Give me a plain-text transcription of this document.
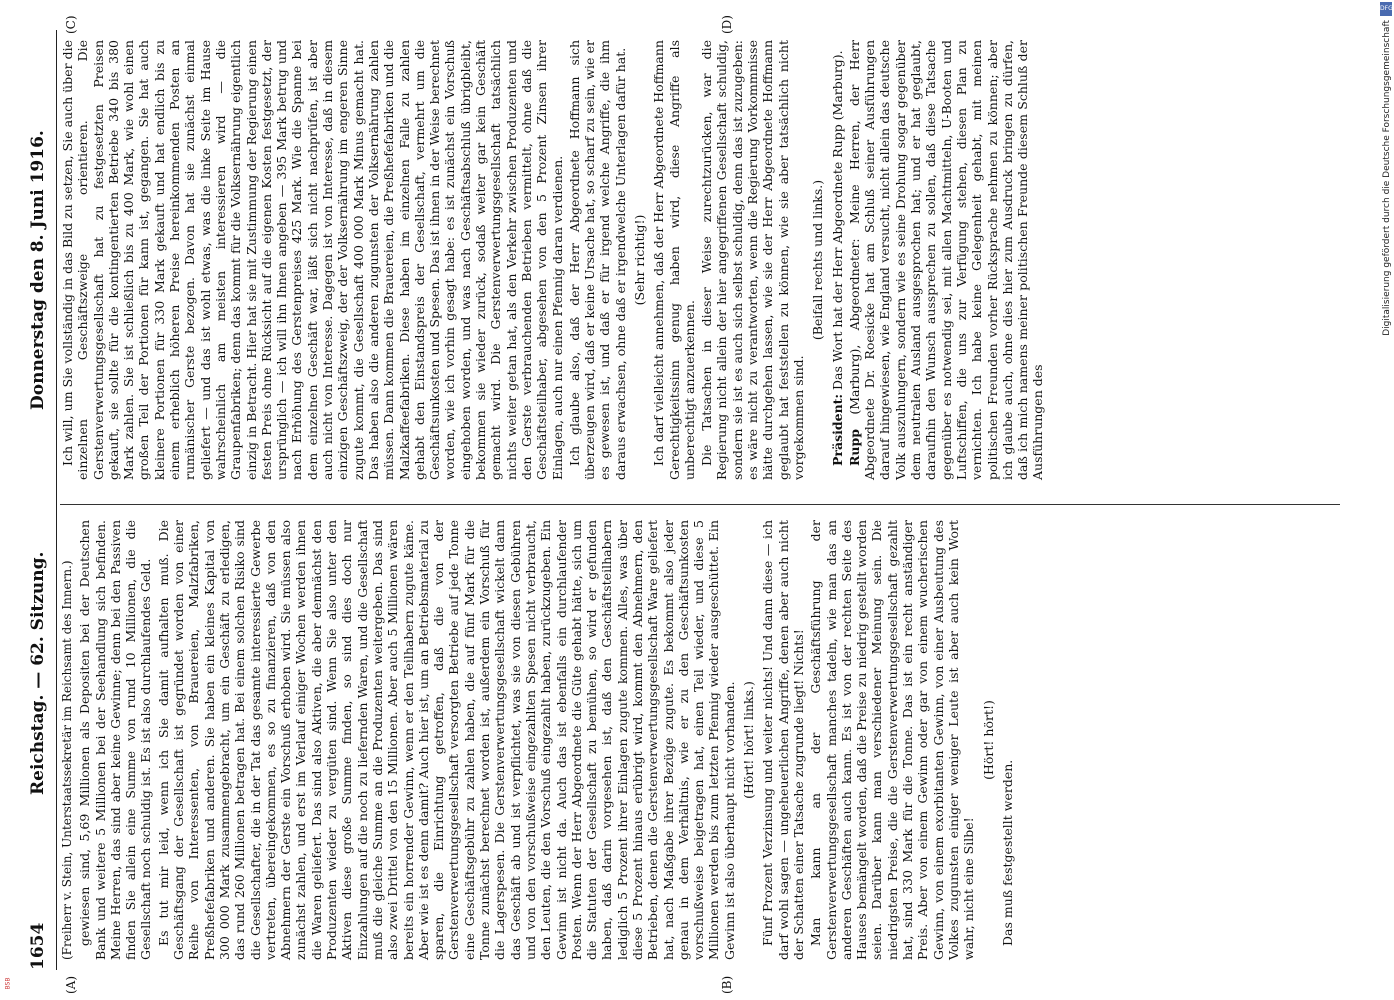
1654
Reichstag. — 62. Sitzung.
Donnerstag den 8. Juni 1916.
(A)	(B)
(C)	(D)

(Freiherr v. Stein, Unterstaatssekretär im Reichsamt des Innern.) gewiesen sind, 5,69 Millionen als Depositen bei der Deutschen Bank und weitere 5 Millionen bei der Seehandlung sich befinden. Meine Herren, das sind aber keine Gewinne; denn bei den Passiven finden Sie allein eine Summe von rund 10 Millionen, die die Gesellschaft noch schuldig ist. Es ist also durchlaufendes Geld. Es tut mir leid, wenn ich Sie damit aufhalten muß. Die Geschäftsgang der Gesellschaft ist gegründet worden von einer Reihe von Interessenten, von Brauereien, Malzfabriken, Preßhefefabriken und anderen. Sie haben ein kleines Kapital von 300 000 Mark zusammengebracht, um ein Geschäft zu erledigen, das rund 260 Millionen betragen hat. Bei einem solchen Risiko sind die Gesellschafter, die in der Tat das gesamte interessierte Gewerbe vertreten, übereingekommen, es so zu finanzieren, daß von den Abnehmern der Gerste ein Vorschuß erhoben wird. Sie müssen also zunächst zahlen, und erst im Verlauf einiger Wochen werden ihnen die Waren geliefert. Das sind also Aktiven, die aber demnächst den Produzenten wieder zu vergüten sind. Wenn Sie also unter den Aktiven diese große Summe finden, so sind dies doch nur Einzahlungen auf die noch zu liefernden Waren, und die Gesellschaft muß die gleiche Summe an die Produzenten weitergeben. Das sind also zwei Drittel von den 15 Millionen. Aber auch 5 Millionen wären bereits ein horrender Gewinn, wenn er den Teilhabern zugute käme. Aber wie ist es denn damit? Auch hier ist, um an Betriebsmaterial zu sparen, die Einrichtung getroffen, daß die von der Gerstenverwertungsgesellschaft versorgten Betriebe auf jede Tonne eine Geschäftsgebühr zu zahlen haben, die auf fünf Mark für die Tonne zunächst berechnet worden ist, außerdem ein Vorschuß für die Lagerspesen. Die Gerstenverwertungsgesellschaft wickelt dann das Geschäft ab und ist verpflichtet, was sie von diesen Gebühren und von den vorschußweise eingezahlten Spesen nicht verbraucht, den Leuten, die den Vorschuß eingezahlt haben, zurückzugeben. Ein Gewinn ist nicht da. Auch das ist ebenfalls ein durchlaufender Posten. Wenn der Herr Abgeordnete die Güte gehabt hätte, sich um die Statuten der Gesellschaft zu bemühen, so wird er gefunden haben, daß darin vorgesehen ist, daß den Geschäftsteilhabern lediglich 5 Prozent ihrer Einlagen zugute kommen. Alles, was über diese 5 Prozent hinaus erübrigt wird, kommt den Abnehmern, den Betrieben, denen die Gerstenverwertungsgesellschaft Ware geliefert hat, nach Maßgabe ihrer Bezüge zugute. Es bekommt also jeder genau in dem Verhältnis, wie er zu den Geschäftsunkosten vorschußweise beigetragen hat, einen Teil wieder, und diese 5 Millionen werden bis zum letzten Pfennig wieder ausgeschüttet. Ein Gewinn ist also überhaupt nicht vorhanden. (Hört! hört! links.) Fünf Prozent Verzinsung und weiter nichts! Und dann diese — ich darf wohl sagen — ungeheuerlichen Angriffe, denen aber auch nicht der Schatten einer Tatsache zugrunde liegt! Nichts! Man kann an der Geschäftsführung der Gerstenverwertungsgesellschaft manches tadeln, wie man das an anderen Geschäften auch kann. Es ist von der rechten Seite des Hauses bemängelt worden, daß die Preise zu niedrig gestellt worden seien. Darüber kann man verschiedener Meinung sein. Die niedrigsten Preise, die die Gerstenverwertungsgesellschaft gezahlt hat, sind 330 Mark für die Tonne. Das ist ein recht anständiger Preis. Aber von einem Gewinn oder gar von einem wucherischen Gewinn, von einem exorbitanten Gewinn, von einer Ausbeutung des Volkes zugunsten einiger weniger Leute ist aber auch kein Wort wahr, nicht eine Silbe!

(Hört! hört!)

Das muß festgestellt werden.

Ich will, um Sie vollständig in das Bild zu setzen, Sie auch über die einzelnen Geschäftszweige orientieren. Die Gerstenverwertungsgesellschaft hat zu festgesetzten Preisen gekauft, sie sollte für die kontingentierten Betriebe 340 bis 380 Mark zahlen. Sie ist schließlich bis zu 400 Mark, wie wohl einen großen Teil der Portionen für kann ist, gegangen. Sie hat auch kleinere Portionen für 330 Mark gekauft und hat endlich bis zu einem erheblich höheren Preise hereinkommenden Posten an rumänischer Gerste bezogen. Davon hat sie zunächst einmal geliefert — und das ist wohl etwas, was die linke Seite im Hause wahrscheinlich am meisten interessieren wird — die Graupenfabriken; denn das kommt für die Volksernährung eigentlich einzig in Betracht. Hier hat sie mit Zustimmung der Regierung einen festen Preis ohne Rücksicht auf die eigenen Kosten festgesetzt, der ursprünglich — ich will ihn Ihnen angeben — 395 Mark betrug und nach Erhöhung des Gerstenpreises 425 Mark. Wie die Spanne bei dem einzelnen Geschäft war, läßt sich nicht nachprüfen, ist aber auch nicht von Interesse. Dagegen ist von Interesse, daß in diesem einzigen Geschäftszweig, der der Volksernährung im engeren Sinne zugute kommt, die Gesellschaft 400 000 Mark Minus gemacht hat. Das haben also die anderen zugunsten der Volksernährung zahlen müssen. Dann kommen die Brauereien, die Preßhefefabriken und die Malzkaffeefabriken. Diese haben im einzelnen Falle zu zahlen gehabt den Einstandspreis der Gesellschaft, vermehrt um die Geschäftsunkosten und Spesen. Das ist ihnen in der Weise berechnet worden, wie ich vorhin gesagt habe: es ist zunächst ein Vorschuß eingehoben worden, und was nach Geschäftsabschluß übrigbleibt, bekommen sie wieder zurück, sodaß weiter gar kein Geschäft gemacht wird. Die Gerstenverwertungsgesellschaft tatsächlich nichts weiter getan hat, als den Verkehr zwischen Produzenten und den Gerste verbrauchenden Betrieben vermittelt, ohne daß die Geschäftsteilhaber, abgesehen von den 5 Prozent Zinsen ihrer Einlagen, auch nur einen Pfennig daran verdienen. Ich glaube also, daß der Herr Abgeordnete Hoffmann sich überzeugen wird, daß er keine Ursache hat, so scharf zu sein, wie er es gewesen ist, und daß er für irgend welche Angriffe, die ihm daraus erwachsen, ohne daß er irgendwelche Unterlagen dafür hat. (Sehr richtig!) Ich darf vielleicht annehmen, daß der Herr Abgeordnete Hoffmann Gerechtigkeitssinn genug haben wird, diese Angriffe als unberechtigt anzuerkennen. Die Tatsachen in dieser Weise zurechtzurücken, war die Regierung nicht allein der hier angegriffenen Gesellschaft schuldig, sondern sie ist es auch sich selbst schuldig, denn das ist zuzugeben: es wäre nicht zu verantworten, wenn die Regierung Vorkommnisse hätte durchgehen lassen, wie sie der Herr Abgeordnete Hoffmann geglaubt hat feststellen zu können, wie sie aber tatsächlich nicht vorgekommen sind.

(Beifall rechts und links.)

Präsident: Das Wort hat der Herr Abgeordnete Rupp (Marburg).

Rupp (Marburg), Abgeordneter: Meine Herren, der Herr Abgeordnete Dr. Roesicke hat am Schluß seiner Ausführungen darauf hingewiesen, wie England versucht, nicht allein das deutsche Volk auszuhungern, sondern wie es seine Drohung sogar gegenüber dem neutralen Ausland ausgesprochen hat; und er hat geglaubt, daraufhin den Wunsch aussprechen zu sollen, daß diese Tatsache gegenüber es notwendig sei, mit allen Machtmitteln, U-Booten und Luftschiffen, die uns zur Verfügung stehen, diesen Plan zu vernichten. Ich habe keine Gelegenheit gehabt, mit meinen politischen Freunden vorher Rücksprache nehmen zu können; aber ich glaube auch, ohne dies hier zum Ausdruck bringen zu dürfen, daß ich mich namens meiner politischen Freunde diesem Schluß der Ausführungen des

DFG
Digitalisierung gefördert durch die Deutsche Forschungsgemeinschaft
BSB
